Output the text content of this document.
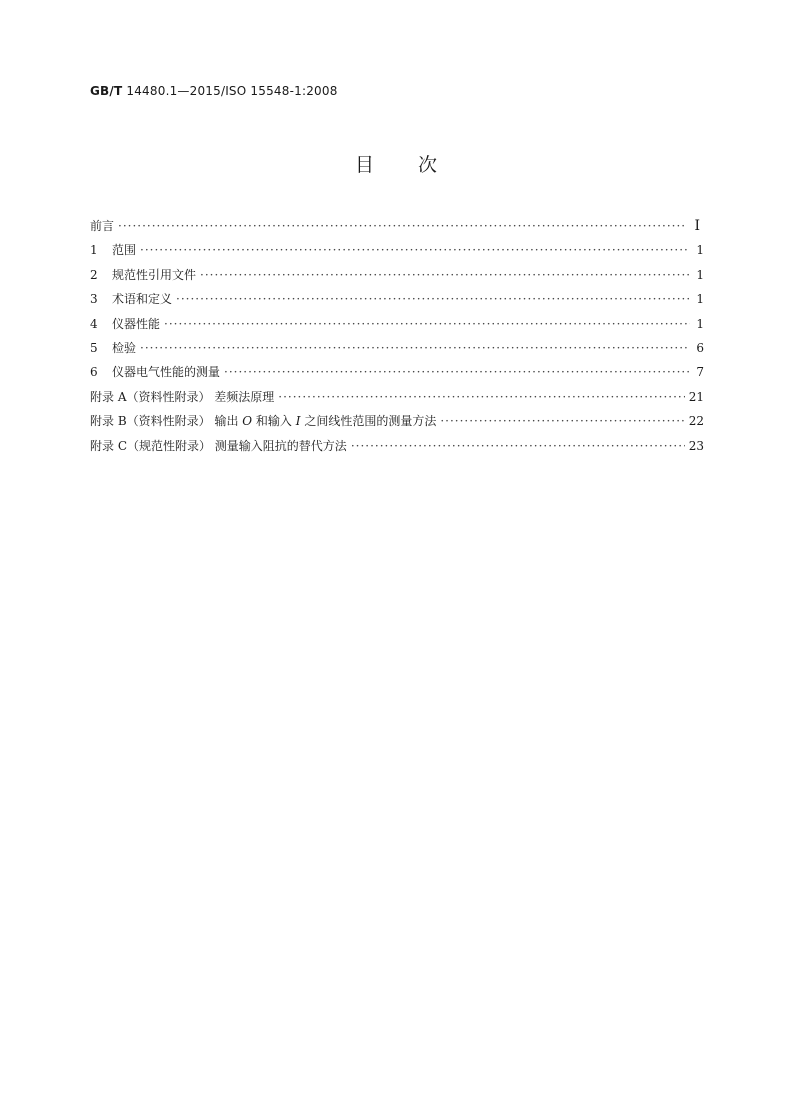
GB/T 14480.1—2015/ISO 15548-1:2008
目 次
前言 ·····	I
1	范围 ·····	1
2	规范性引用文件 ·····	1
3	术语和定义 ·····	1
4	仪器性能 ·····	1
5	检验 ·····	6
6	仪器电气性能的测量 ·····	7
附录 A（资料性附录） 差频法原理 ·····	21
附录 B（资料性附录） 输出 O 和输入 I 之间线性范围的测量方法 ·····	22
附录 C（规范性附录） 测量输入阻抗的替代方法 ·····	23
